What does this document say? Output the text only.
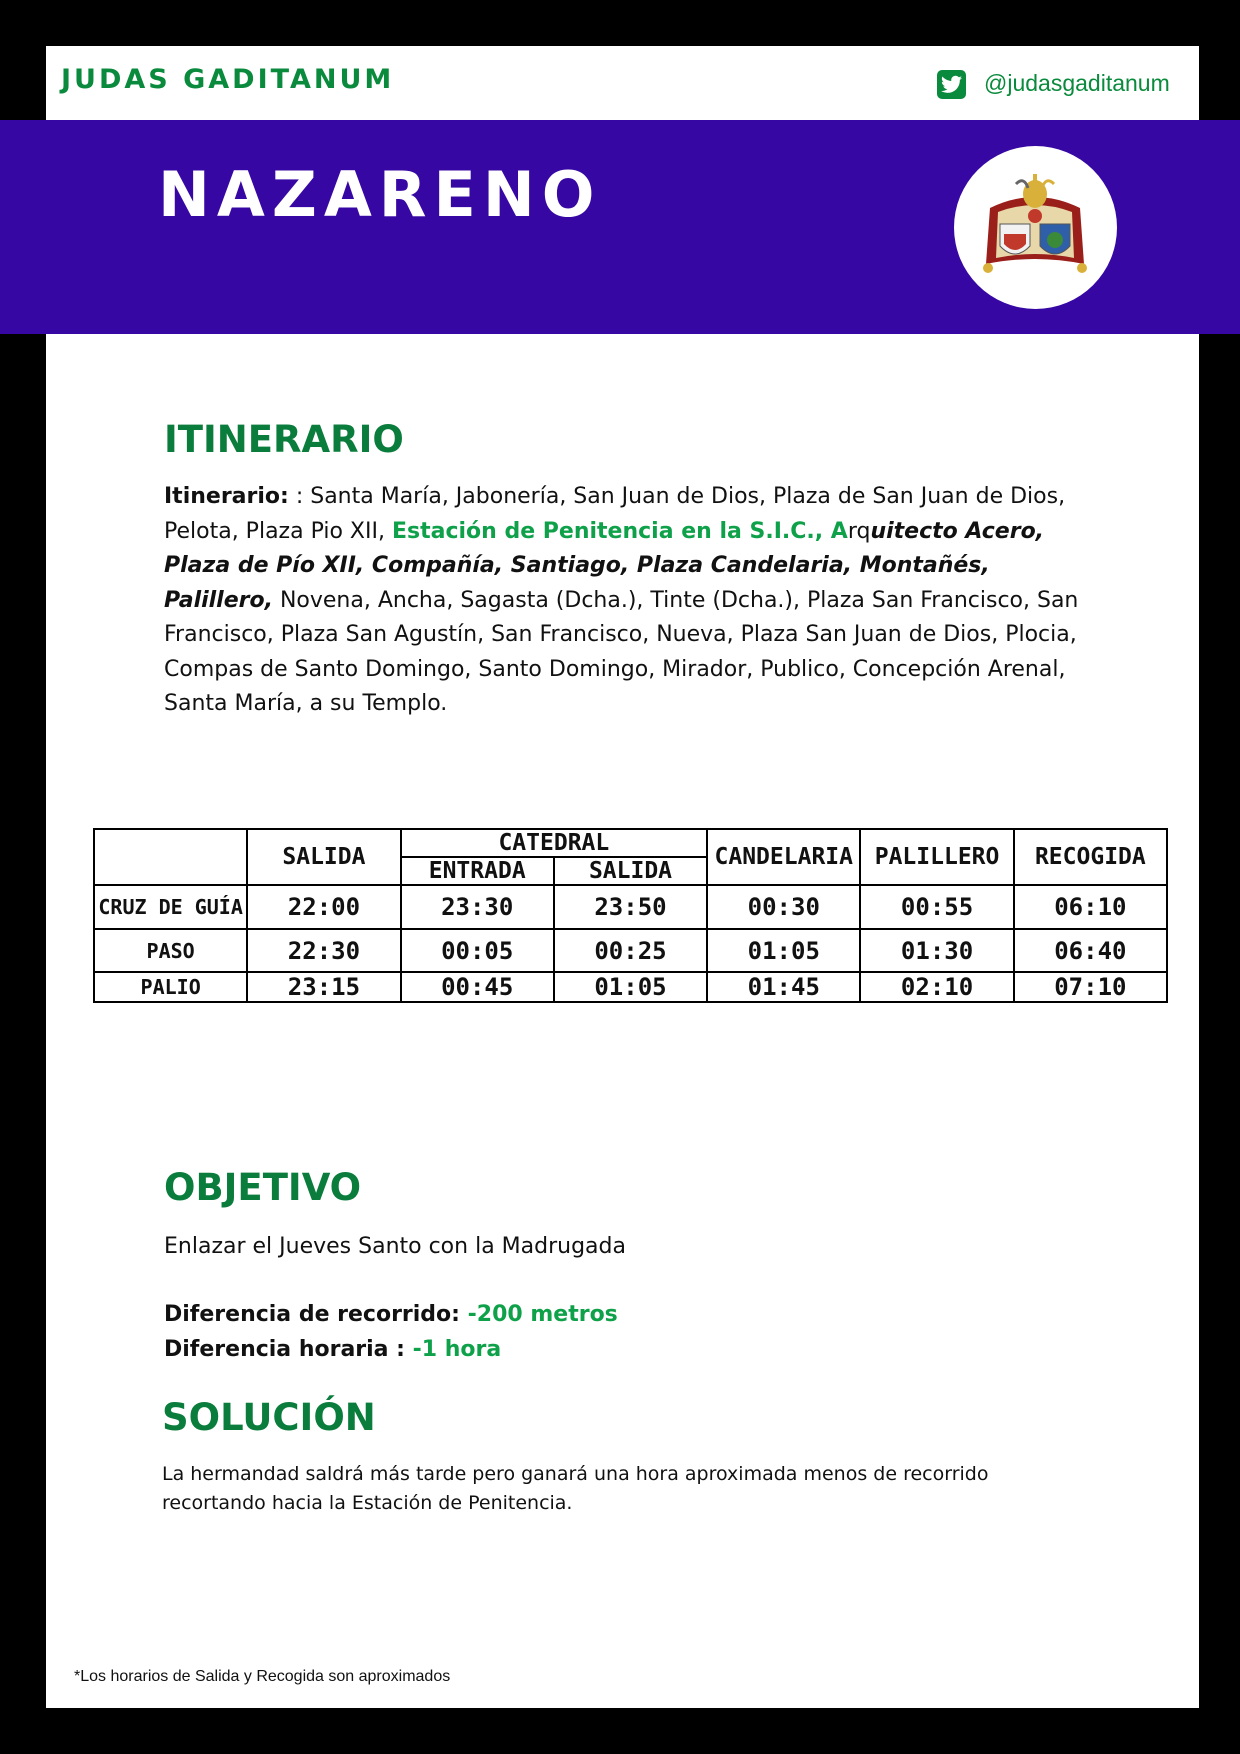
JUDAS GADITANUM	@judasgaditanum
NAZARENO
ITINERARIO
Itinerario: : Santa María, Jabonería, San Juan de Dios, Plaza de San Juan de Dios, Pelota, Plaza Pio XII, Estación de Penitencia en la S.I.C., Arquitecto Acero, Plaza de Pío XII, Compañía, Santiago, Plaza Candelaria, Montañés, Palillero, Novena, Ancha, Sagasta (Dcha.), Tinte (Dcha.), Plaza San Francisco, San Francisco, Plaza San Agustín, San Francisco, Nueva, Plaza San Juan de Dios, Plocia, Compas de Santo Domingo, Santo Domingo, Mirador, Publico, Concepción Arenal, Santa María, a su Templo.
	SALIDA	CATEDRAL		CANDELARIA	PALILLERO	RECOGIDA
		ENTRADA	SALIDA			
CRUZ DE GUÍA	22:00	23:30	23:50	00:30	00:55	06:10
PASO	22:30	00:05	00:25	01:05	01:30	06:40
PALIO	23:15	00:45	01:05	01:45	02:10	07:10
OBJETIVO
Enlazar el Jueves Santo con la Madrugada
Diferencia de recorrido: -200 metros
Diferencia horaria : -1 hora
SOLUCIÓN
La hermandad saldrá más tarde pero ganará una hora aproximada menos de recorrido recortando hacia la Estación de Penitencia.
*Los horarios de Salida y Recogida son aproximados
